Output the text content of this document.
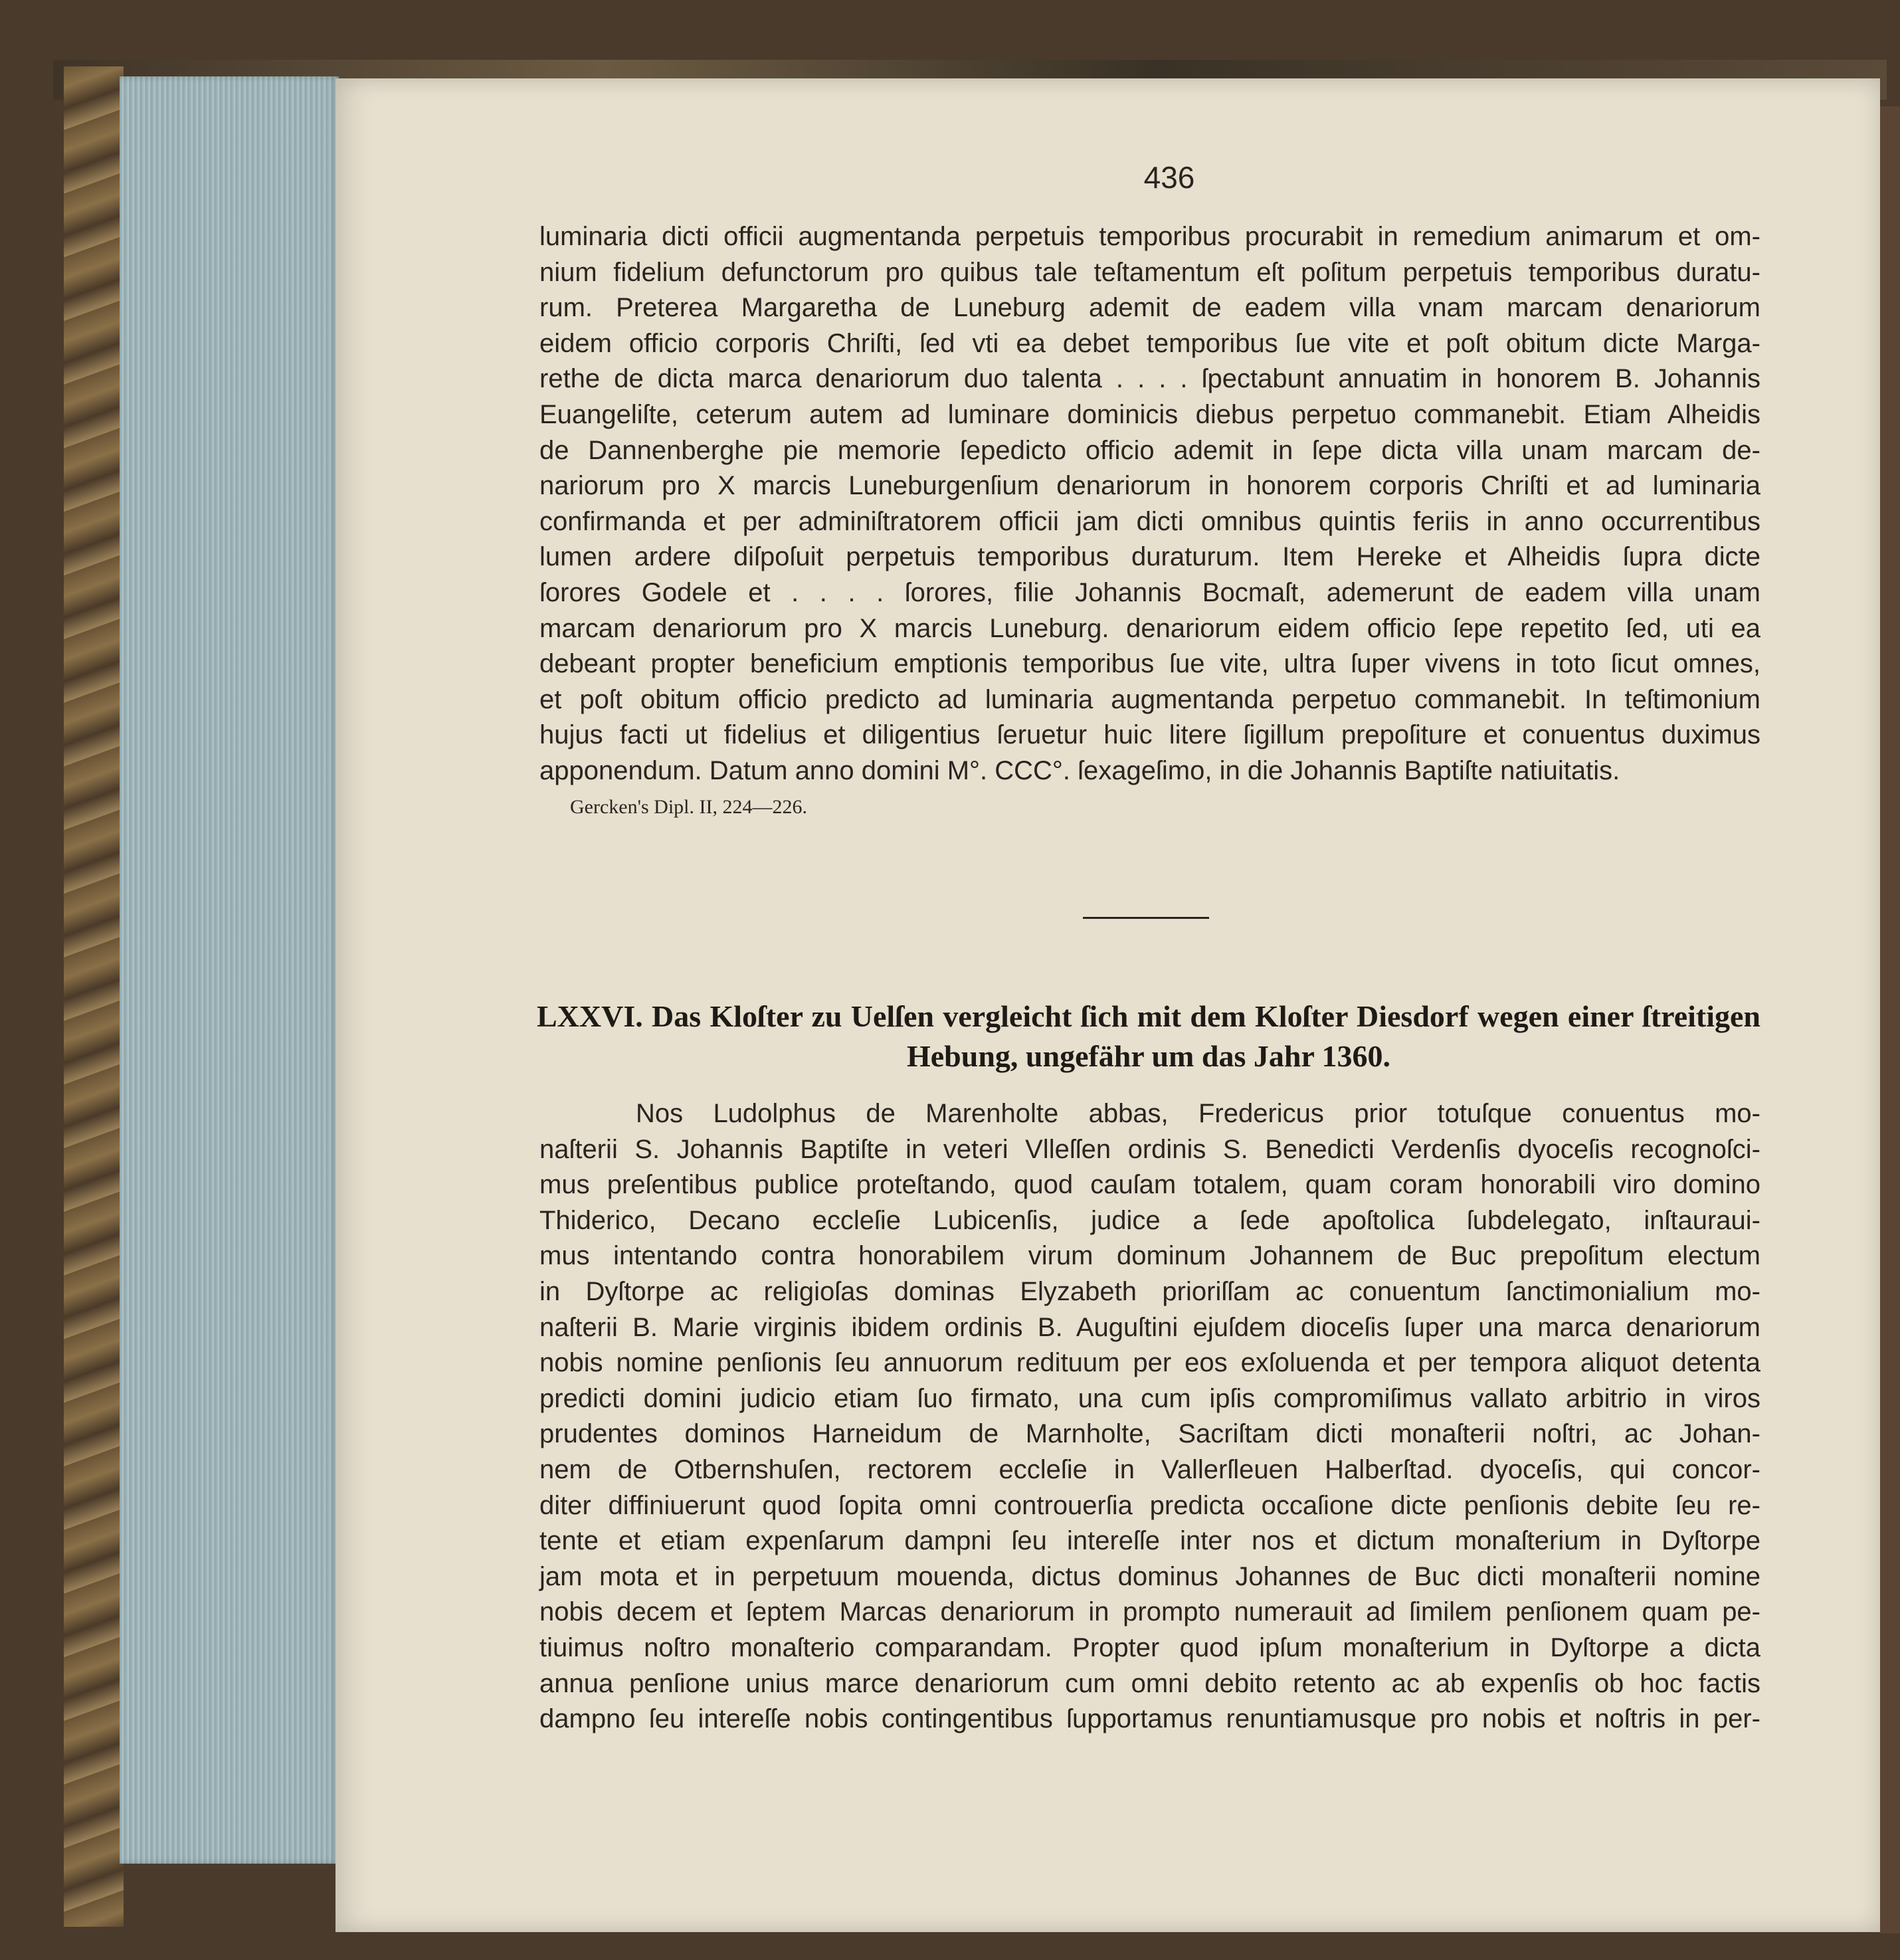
436
luminaria dicti officii augmentanda perpetuis temporibus procurabit in remedium animarum et om-
nium fidelium defunctorum pro quibus tale teſtamentum eſt poſitum perpetuis temporibus duratu-
rum. Preterea Margaretha de Luneburg ademit de eadem villa vnam marcam denariorum
eidem officio corporis Chriſti, ſed vti ea debet temporibus ſue vite et poſt obitum dicte Marga-
rethe de dicta marca denariorum duo talenta . . . . ſpectabunt annuatim in honorem B. Johannis
Euangeliſte, ceterum autem ad luminare dominicis diebus perpetuo commanebit. Etiam Alheidis
de Dannenberghe pie memorie ſepedicto officio ademit in ſepe dicta villa unam marcam de-
nariorum pro X marcis Luneburgenſium denariorum in honorem corporis Chriſti et ad luminaria
confirmanda et per adminiſtratorem officii jam dicti omnibus quintis feriis in anno occurrentibus
lumen ardere diſpoſuit perpetuis temporibus duraturum. Item Hereke et Alheidis ſupra dicte
ſorores Godele et . . . . ſorores, filie Johannis Bocmaſt, ademerunt de eadem villa unam
marcam denariorum pro X marcis Luneburg. denariorum eidem officio ſepe repetito ſed, uti ea
debeant propter beneficium emptionis temporibus ſue vite, ultra ſuper vivens in toto ſicut omnes,
et poſt obitum officio predicto ad luminaria augmentanda perpetuo commanebit. In teſtimonium
hujus facti ut fidelius et diligentius ſeruetur huic litere ſigillum prepoſiture et conuentus duximus
apponendum. Datum anno domini M°. CCC°. ſexageſimo, in die Johannis Baptiſte natiuitatis.
Gercken's Dipl. II, 224—226.
LXXVI. Das Kloſter zu Uelſen vergleicht ſich mit dem Kloſter Diesdorf wegen einer ſtreitigen
Hebung, ungefähr um das Jahr 1360.
Nos Ludolphus de Marenholte abbas, Fredericus prior totuſque conuentus mo-
naſterii S. Johannis Baptiſte in veteri Vlleſſen ordinis S. Benedicti Verdenſis dyoceſis recognoſci-
mus preſentibus publice proteſtando, quod cauſam totalem, quam coram honorabili viro domino
Thiderico, Decano eccleſie Lubicenſis, judice a ſede apoſtolica ſubdelegato, inſtauraui-
mus intentando contra honorabilem virum dominum Johannem de Buc prepoſitum electum
in Dyſtorpe ac religioſas dominas Elyzabeth prioriſſam ac conuentum ſanctimonialium mo-
naſterii B. Marie virginis ibidem ordinis B. Auguſtini ejuſdem dioceſis ſuper una marca denariorum
nobis nomine penſionis ſeu annuorum redituum per eos exſoluenda et per tempora aliquot detenta
predicti domini judicio etiam ſuo firmato, una cum ipſis compromiſimus vallato arbitrio in viros
prudentes dominos Harneidum de Marnholte, Sacriſtam dicti monaſterii noſtri, ac Johan-
nem de Otbernshuſen, rectorem eccleſie in Vallerſleuen Halberſtad. dyoceſis, qui concor-
diter diffiniuerunt quod ſopita omni controuerſia predicta occaſione dicte penſionis debite ſeu re-
tente et etiam expenſarum dampni ſeu intereſſe inter nos et dictum monaſterium in Dyſtorpe
jam mota et in perpetuum mouenda, dictus dominus Johannes de Buc dicti monaſterii nomine
nobis decem et ſeptem Marcas denariorum in prompto numerauit ad ſimilem penſionem quam pe-
tiuimus noſtro monaſterio comparandam. Propter quod ipſum monaſterium in Dyſtorpe a dicta
annua penſione unius marce denariorum cum omni debito retento ac ab expenſis ob hoc factis
dampno ſeu intereſſe nobis contingentibus ſupportamus renuntiamusque pro nobis et noſtris in per-
